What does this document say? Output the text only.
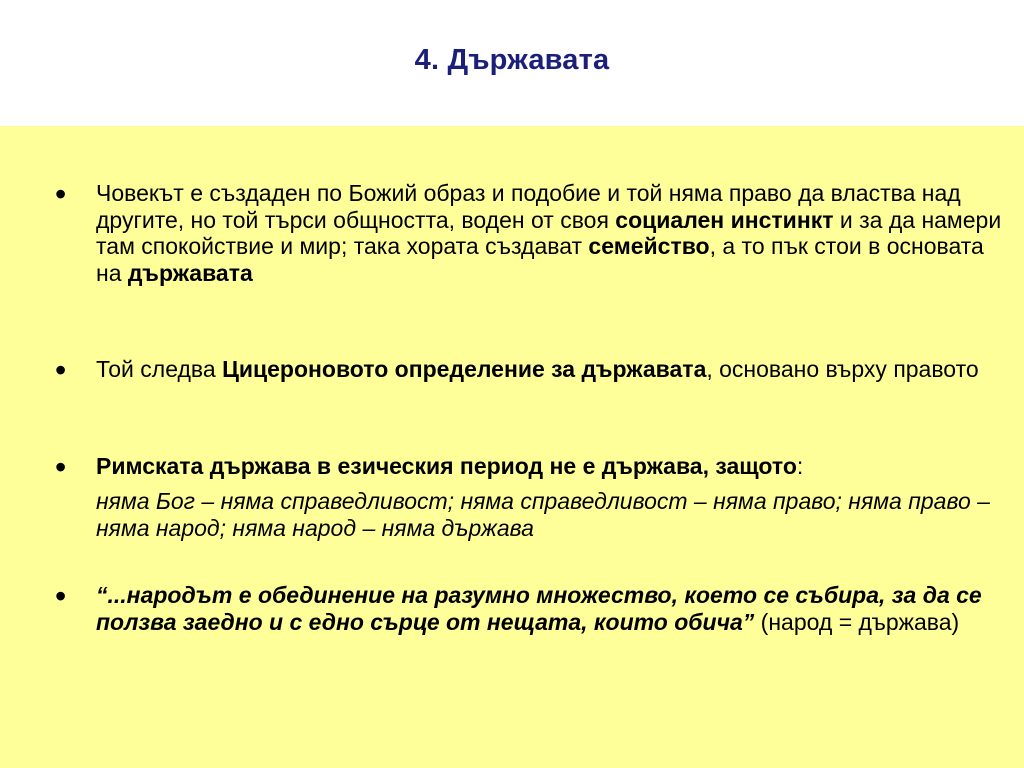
4. Държавата
• Човекът е създаден по Божий образ и подобие и той няма право да властва над другите, но той търси общността, воден от своя социален инстинкт и за да намери там спокойствие и мир; така хората създават семейство, а то пък стои в основата на държавата
• Той следва Цицероновото определение за държавата, основано върху правото
• Римската държава в езическия период не е държава, защото:
няма Бог – няма справедливост; няма справедливост – няма право; няма право – няма народ; няма народ – няма държава
• “...народът е обединение на разумно множество, което се събира, за да се ползва заедно и с едно сърце от нещата, които обича” (народ = държава)
